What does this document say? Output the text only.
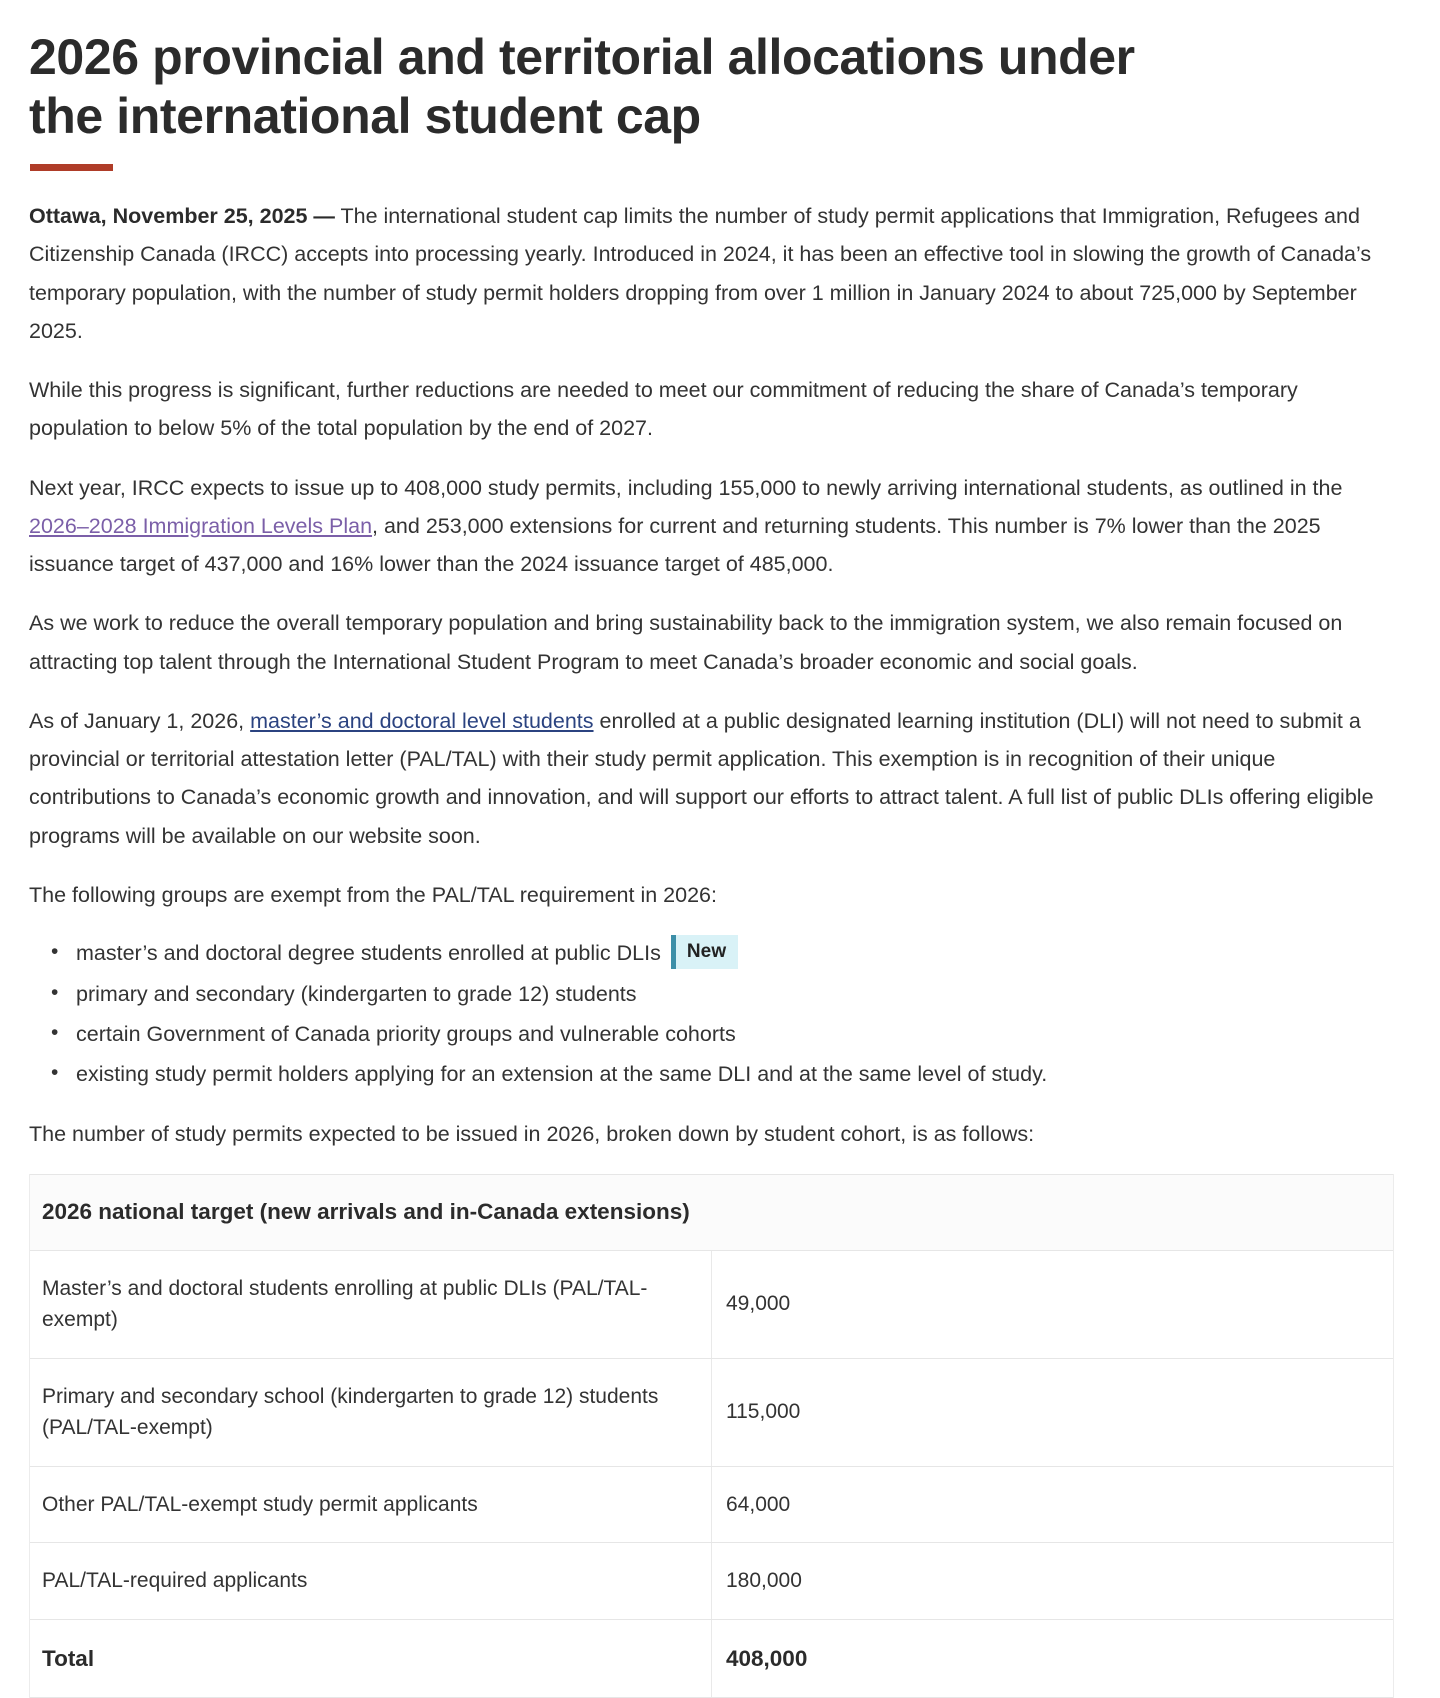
2026 provincial and territorial allocations under the international student cap

Ottawa, November 25, 2025 — The international student cap limits the number of study permit applications that Immigration, Refugees and Citizenship Canada (IRCC) accepts into processing yearly. Introduced in 2024, it has been an effective tool in slowing the growth of Canada’s temporary population, with the number of study permit holders dropping from over 1 million in January 2024 to about 725,000 by September 2025.

While this progress is significant, further reductions are needed to meet our commitment of reducing the share of Canada’s temporary population to below 5% of the total population by the end of 2027.

Next year, IRCC expects to issue up to 408,000 study permits, including 155,000 to newly arriving international students, as outlined in the 2026–2028 Immigration Levels Plan, and 253,000 extensions for current and returning students. This number is 7% lower than the 2025 issuance target of 437,000 and 16% lower than the 2024 issuance target of 485,000.

As we work to reduce the overall temporary population and bring sustainability back to the immigration system, we also remain focused on attracting top talent through the International Student Program to meet Canada’s broader economic and social goals.

As of January 1, 2026, master’s and doctoral level students enrolled at a public designated learning institution (DLI) will not need to submit a provincial or territorial attestation letter (PAL/TAL) with their study permit application. This exemption is in recognition of their unique contributions to Canada’s economic growth and innovation, and will support our efforts to attract talent. A full list of public DLIs offering eligible programs will be available on our website soon.

The following groups are exempt from the PAL/TAL requirement in 2026:

• master’s and doctoral degree students enrolled at public DLIs New
• primary and secondary (kindergarten to grade 12) students
• certain Government of Canada priority groups and vulnerable cohorts
• existing study permit holders applying for an extension at the same DLI and at the same level of study.

The number of study permits expected to be issued in 2026, broken down by student cohort, is as follows:

2026 national target (new arrivals and in-Canada extensions)	
Master’s and doctoral students enrolling at public DLIs (PAL/TAL-exempt)	49,000
Primary and secondary school (kindergarten to grade 12) students (PAL/TAL-exempt)	115,000
Other PAL/TAL-exempt study permit applicants	64,000
PAL/TAL-required applicants	180,000
Total	408,000
